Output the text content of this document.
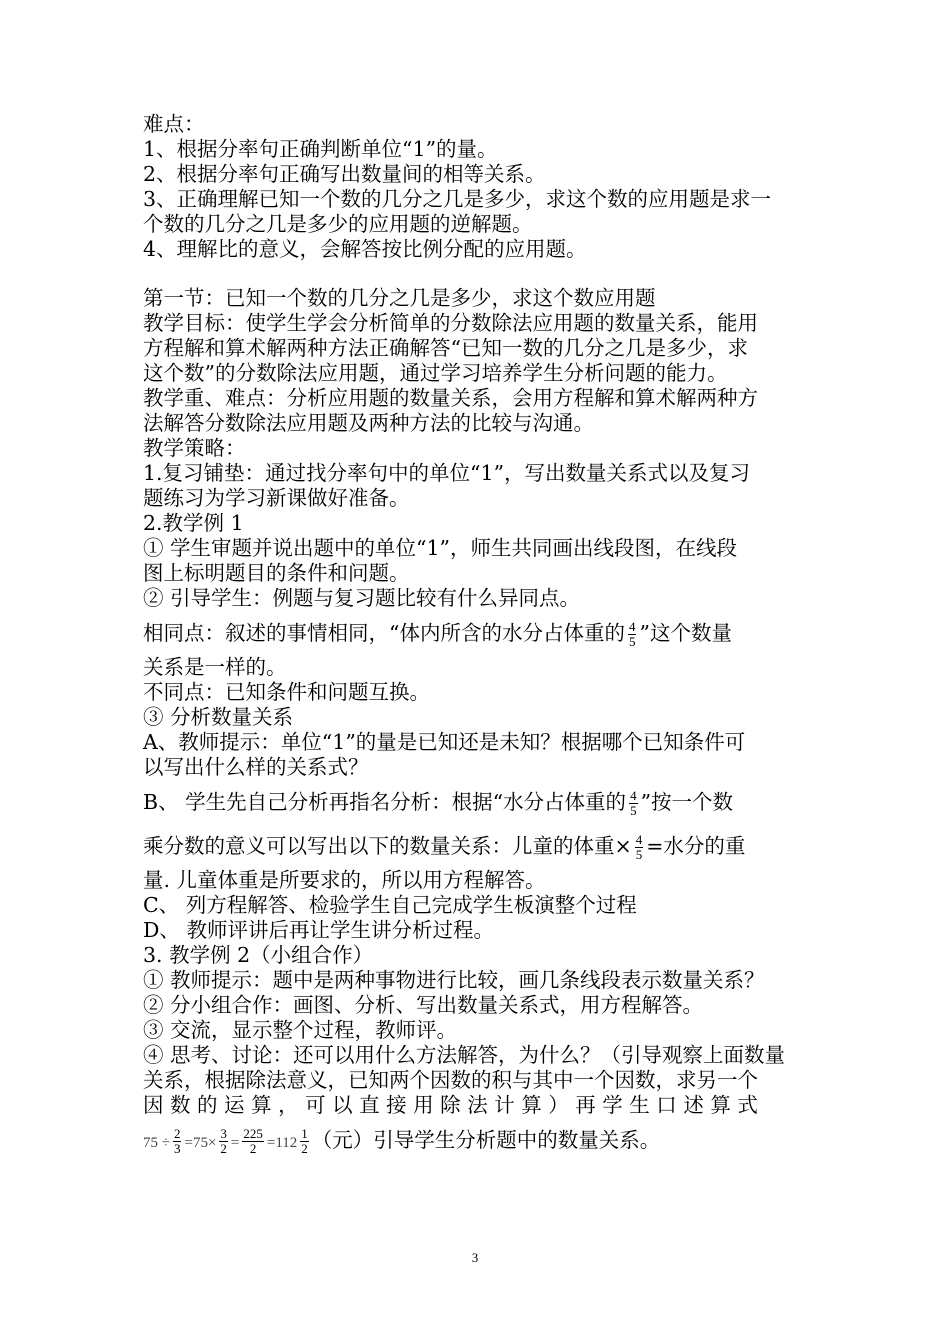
难点：
1、根据分率句正确判断单位“1”的量。
2、根据分率句正确写出数量间的相等关系。
3、正确理解已知一个数的几分之几是多少，求这个数的应用题是求一
个数的几分之几是多少的应用题的逆解题。
4、理解比的意义，会解答按比例分配的应用题。
第一节：已知一个数的几分之几是多少，求这个数应用题
教学目标：使学生学会分析简单的分数除法应用题的数量关系，能用
方程解和算术解两种方法正确解答“已知一数的几分之几是多少，求
这个数”的分数除法应用题，通过学习培养学生分析问题的能力。
教学重、难点：分析应用题的数量关系，会用方程解和算术解两种方
法解答分数除法应用题及两种方法的比较与沟通。
教学策略：
1.复习铺垫：通过找分率句中的单位“1”，写出数量关系式以及复习
题练习为学习新课做好准备。
2.教学例 1
① 学生审题并说出题中的单位“1”，师生共同画出线段图，在线段
图上标明题目的条件和问题。
② 引导学生：例题与复习题比较有什么异同点。
相同点：叙述的事情相同，“体内所含的水分占体重的 $\frac{4}{5}$ ”这个数量
关系是一样的。
不同点：已知条件和问题互换。
③ 分析数量关系
A、教师提示：单位“1”的量是已知还是未知？根据哪个已知条件可
以写出什么样的关系式？
B、 学生先自己分析再指名分析：根据“水分占体重的 $\frac{4}{5}$ ”按一个数
乘分数的意义可以写出以下的数量关系：儿童的体重× $\frac{4}{5}$ =水分的重
量. 儿童体重是所要求的，所以用方程解答。
C、 列方程解答、检验学生自己完成学生板演整个过程
D、 教师评讲后再让学生讲分析过程。
3. 教学例 2（小组合作）
① 教师提示：题中是两种事物进行比较，画几条线段表示数量关系？
② 分小组合作：画图、分析、写出数量关系式，用方程解答。
③ 交流，显示整个过程，教师评。
④ 思考、讨论：还可以用什么方法解答，为什么？（引导观察上面数量
关系，根据除法意义，已知两个因数的积与其中一个因数，求另一个
因 数 的 运 算 ， 可 以 直 接 用 除 法 计 算 ） 再 学 生 口 述 算 式
$75 \div \frac{2}{3} =75\times \frac{3}{2} = \frac{225}{2} =112 \frac{1}{2}$ （元）引导学生分析题中的数量关系。
3
